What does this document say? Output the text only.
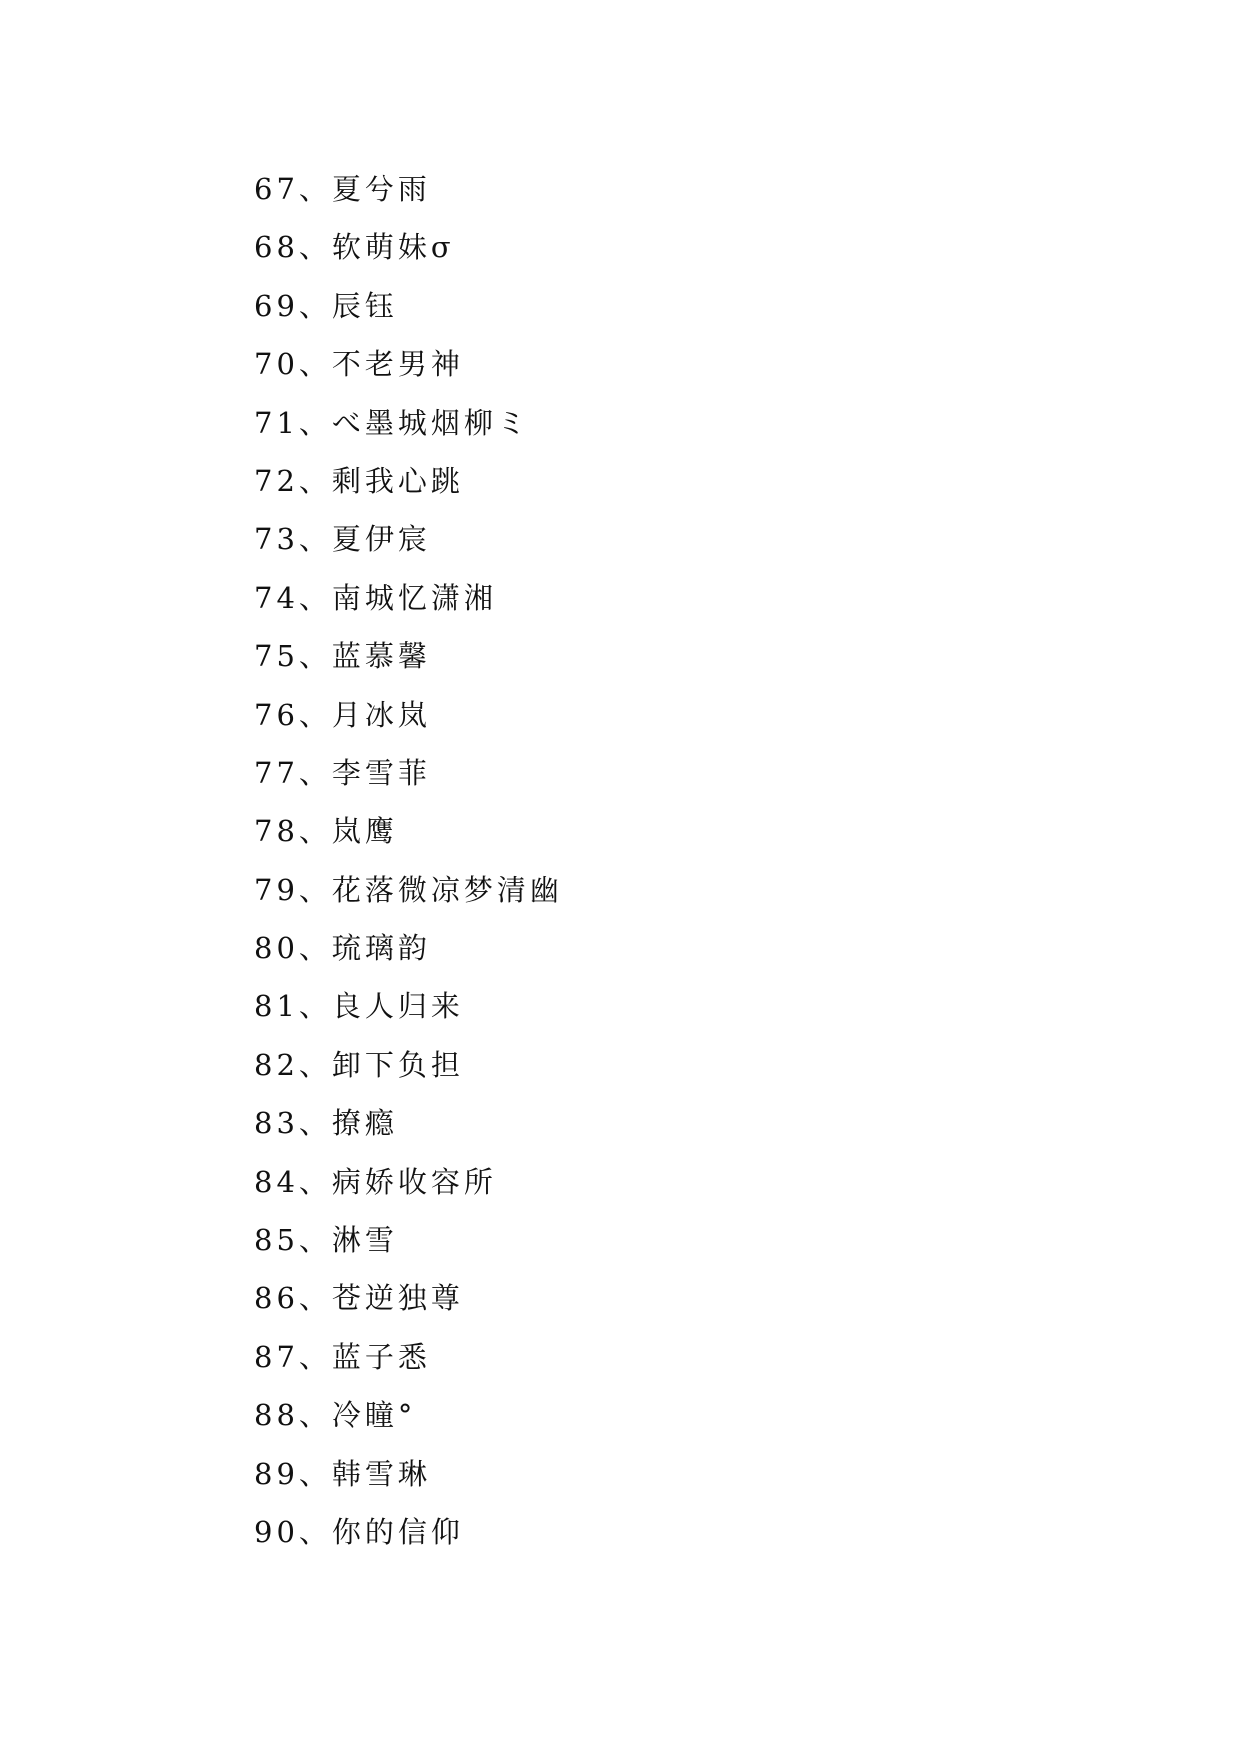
67、夏兮雨
68、软萌妹σ
69、辰钰
70、不老男神
71、べ墨城烟柳ミ
72、剩我心跳
73、夏伊宸
74、南城忆潇湘
75、蓝慕馨
76、月冰岚
77、李雪菲
78、岚鹰
79、花落微凉梦清幽
80、琉璃韵
81、良人归来
82、卸下负担
83、撩瘾
84、病娇收容所
85、淋雪
86、苍逆独尊
87、蓝子悉
88、冷瞳°
89、韩雪琳
90、你的信仰
